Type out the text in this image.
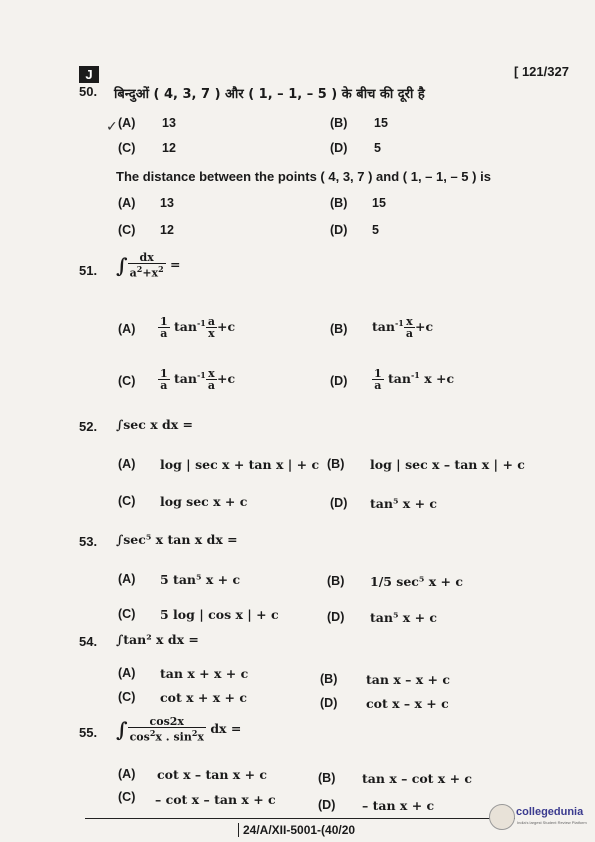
J	[ 121/327
50. बिन्दुओं ( 4, 3, 7 ) और ( 1, – 1, – 5 ) के बीच की दूरी है
✓ (A) 13	(B) 15
(C) 12	(D) 5
The distance between the points ( 4, 3, 7 ) and ( 1, – 1, – 5 ) is
(A) 13	(B) 15
(C) 12	(D) 5
51. ∫ $\frac{dx}{a^2+x^2}$ =
$(A) \frac{1}{a} \tan^{-1} \frac{a}{x} +c$	(B) $\tan^{-1} \frac{x}{a} +c$
$(C) \frac{1}{a} \tan^{-1} \frac{x}{a} +c$	$(D) \frac{1}{a} \tan^{-1} x +c$
52. ∫sec x dx =
(A) log | sec x + tan x | + c (B) log | sec x – tan x | + c
(C) log sec x + c	(D) tan⁵ x + c
53. ∫sec⁵ x tan x dx =
(A) 5 tan⁵ x + c	(B) 1/5 sec⁵ x + c
(C) 5 log | cos x | + c	(D) tan⁵ x + c
54. ∫tan² x dx =
(A) tan x + x + c	(B) tan x – x + c
(C) cot x + x + c	(D) cot x – x + c
55. ∫ $\frac{\cos 2x}{\cos^2x . \sin^2x}$ dx =
(A) cot x – tan x + c	(B) tan x – cot x + c
(C) – cot x – tan x + c	(D) – tan x + c
24/A/XII-5001-(40/20
collegedunia
India's largest Student Review Platform
